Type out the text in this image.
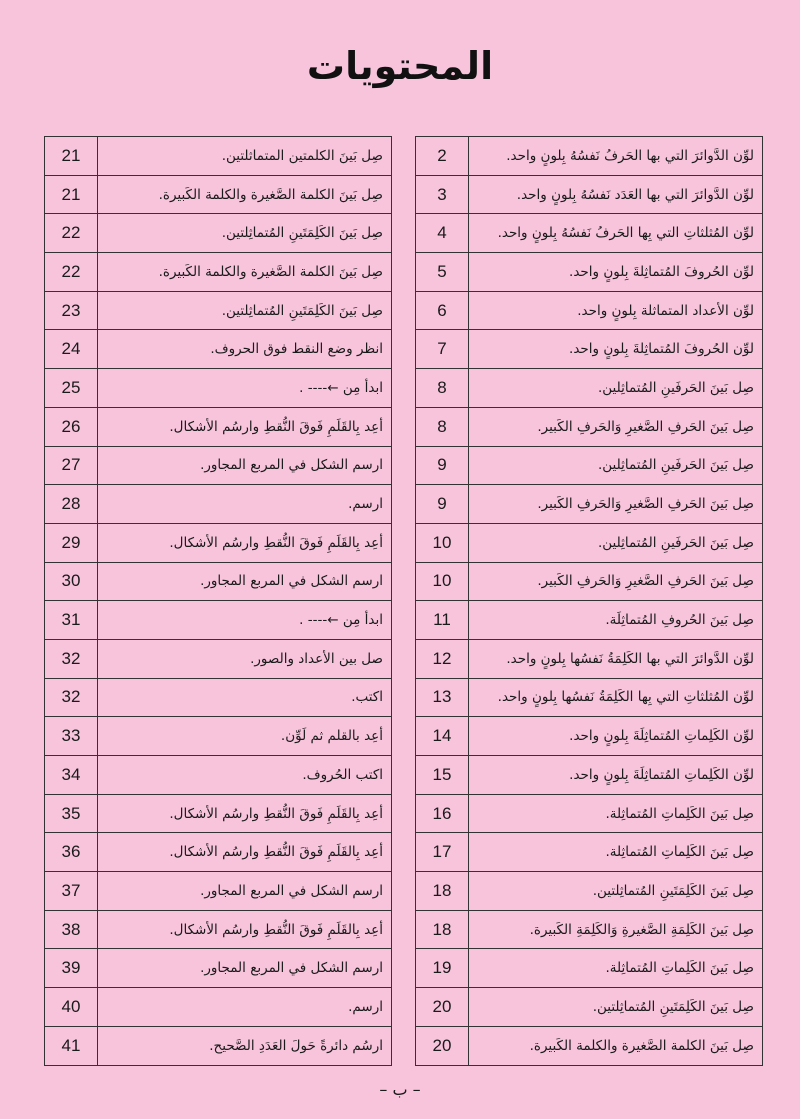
المحتويات
لوِّن الدَّوائرَ التي بها الحَرفُ نَفسُهُ بِلونٍ واحد.	2
لوِّن الدَّوائرَ التي بها العَدَد نَفسُهُ بِلونٍ واحد.	3
لوِّن المُثلثاتِ التي بِها الحَرفُ نَفسُهُ بِلونٍ واحد.	4
لوِّن الحُروفَ المُتماثِلةَ بِلونٍ واحد.	5
لوِّن الأعداد المتماثلة بِلونٍ واحد.	6
لوِّن الحُروفَ المُتماثِلةَ بِلونٍ واحد.	7
صِل بَينَ الحَرفَينِ المُتماثِلين.	8
صِل بَينَ الحَرفِ الصَّغيرِ وَالحَرفِ الكَبير.	8
صِل بَينَ الحَرفَينِ المُتماثِلين.	9
صِل بَينَ الحَرفِ الصَّغيرِ وَالحَرفِ الكَبير.	9
صِل بَينَ الحَرفَينِ المُتماثِلين.	10
صِل بَينَ الحَرفِ الصَّغيرِ وَالحَرفِ الكَبير.	10
صِل بَينَ الحُروفِ المُتماثِلَة.	11
لوِّن الدَّوائرَ التي بها الكَلِمَةُ نَفسُها بِلونٍ واحد.	12
لوِّن المُثلثاتِ التي بِها الكَلِمَةُ نَفسُها بِلونٍ واحد.	13
لوِّن الكَلِماتِ المُتماثِلَةَ بِلونٍ واحد.	14
لوِّن الكَلِماتِ المُتماثِلَةَ بِلونٍ واحد.	15
صِل بَينَ الكَلِماتِ المُتماثِلة.	16
صِل بَينَ الكَلِماتِ المُتماثِلة.	17
صِل بَينَ الكَلِمَتَينِ المُتماثِلتين.	18
صِل بَينَ الكَلِمَةِ الصَّغيرةِ وَالكَلِمَةِ الكَبيرة.	18
صِل بَينَ الكَلِماتِ المُتماثِلة.	19
صِل بَينَ الكَلِمَتَينِ المُتماثِلتين.	20
صِل بَينَ الكلمة الصَّغيرة والكلمة الكَبيرة.	20
صِل بَينَ الكلمتين المتماثلتين.	21
صِل بَينَ الكلمة الصَّغيرة والكلمة الكَبيرة.	21
صِل بَينَ الكَلِمَتَينِ المُتماثِلتين.	22
صِل بَينَ الكلمة الصَّغيرة والكلمة الكَبيرة.	22
صِل بَينَ الكَلِمَتَينِ المُتماثِلتين.	23
انظر وضع النقط فوق الحروف.	24
ابدأ مِن ←---- .	25
أعِد بِالقَلَمِ فَوقَ النُّقطِ وارسُم الأشكال.	26
ارسم الشكل في المربع المجاور.	27
ارسم.	28
أعِد بِالقَلَمِ فَوقَ النُّقطِ وارسُم الأشكال.	29
ارسم الشكل في المربع المجاور.	30
ابدأ مِن ←---- .	31
صل بين الأعداد والصور.	32
اكتب.	32
أعِد بالقلم ثم لَوِّن.	33
اكتب الحُروف.	34
أعِد بِالقَلَمِ فَوقَ النُّقطِ وارسُم الأشكال.	35
أعِد بِالقَلَمِ فَوقَ النُّقطِ وارسُم الأشكال.	36
ارسم الشكل في المربع المجاور.	37
أعِد بِالقَلَمِ فَوقَ النُّقطِ وارسُم الأشكال.	38
ارسم الشكل في المربع المجاور.	39
ارسم.	40
ارسُم دائرةً حَولَ العَدَدِ الصَّحيح.	41
– ب –
